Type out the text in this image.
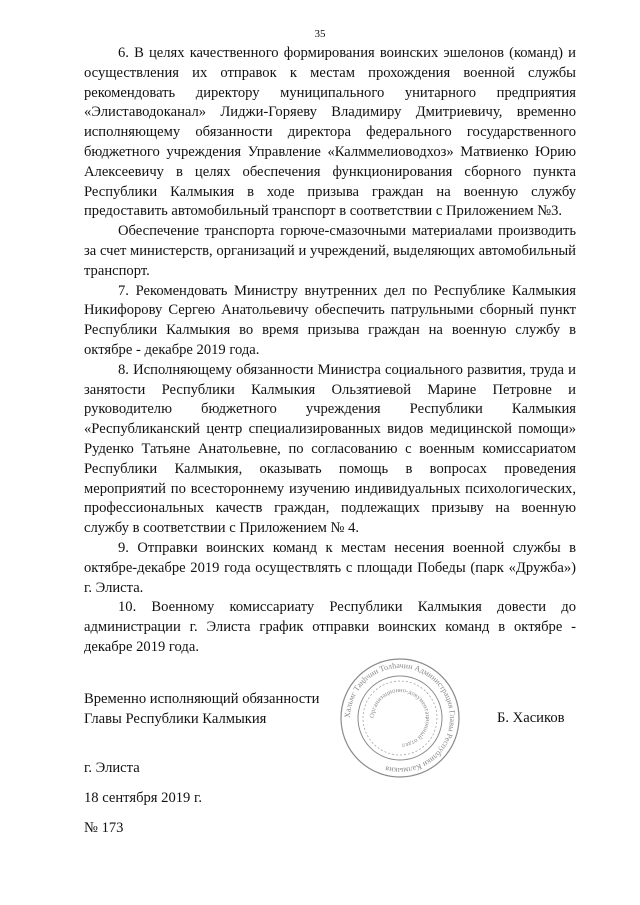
35

6. В целях качественного формирования воинских эшелонов (команд) и осуществления их отправок к местам прохождения военной службы рекомендовать директору муниципального унитарного предприятия «Элиставодоканал» Лиджи-Горяеву Владимиру Дмитриевичу, временно исполняющему обязанности директора федерального государственного бюджетного учреждения Управление «Калммелиоводхоз» Матвиенко Юрию Алексеевичу в целях обеспечения функционирования сборного пункта Республики Калмыкия в ходе призыва граждан на военную службу предоставить автомобильный транспорт в соответствии с Приложением №3.

Обеспечение транспорта горюче-смазочными материалами производить за счет министерств, организаций и учреждений, выделяющих автомобильный транспорт.

7. Рекомендовать Министру внутренних дел по Республике Калмыкия Никифорову Сергею Анатольевичу обеспечить патрульными сборный пункт Республики Калмыкия во время призыва граждан на военную службу в октябре - декабре 2019 года.

8. Исполняющему обязанности Министра социального развития, труда и занятости Республики Калмыкия Ользятиевой Марине Петровне и руководителю бюджетного учреждения Республики Калмыкия «Республиканский центр специализированных видов медицинской помощи» Руденко Татьяне Анатольевне, по согласованию с военным комиссариатом Республики Калмыкия, оказывать помощь в вопросах проведения мероприятий по всестороннему изучению индивидуальных психологических, профессиональных качеств граждан, подлежащих призыву на военную службу в соответствии с Приложением № 4.

9. Отправки воинских команд к местам несения военной службы в октябре-декабре 2019 года осуществлять с площади Победы (парк «Дружба») г. Элиста.

10. Военному комиссариату Республики Калмыкия довести до администрации г. Элиста график отправки воинских команд в октябре - декабре 2019 года.

Временно исполняющий обязанности
Главы Республики Калмыкия	Хальмг Таңһчин Толһачин Администрация Главы Республики Калмыкия
Организационно-документационный отдел
Б. Хасиков
г. Элиста
18 сентября 2019 г.
№ 173
